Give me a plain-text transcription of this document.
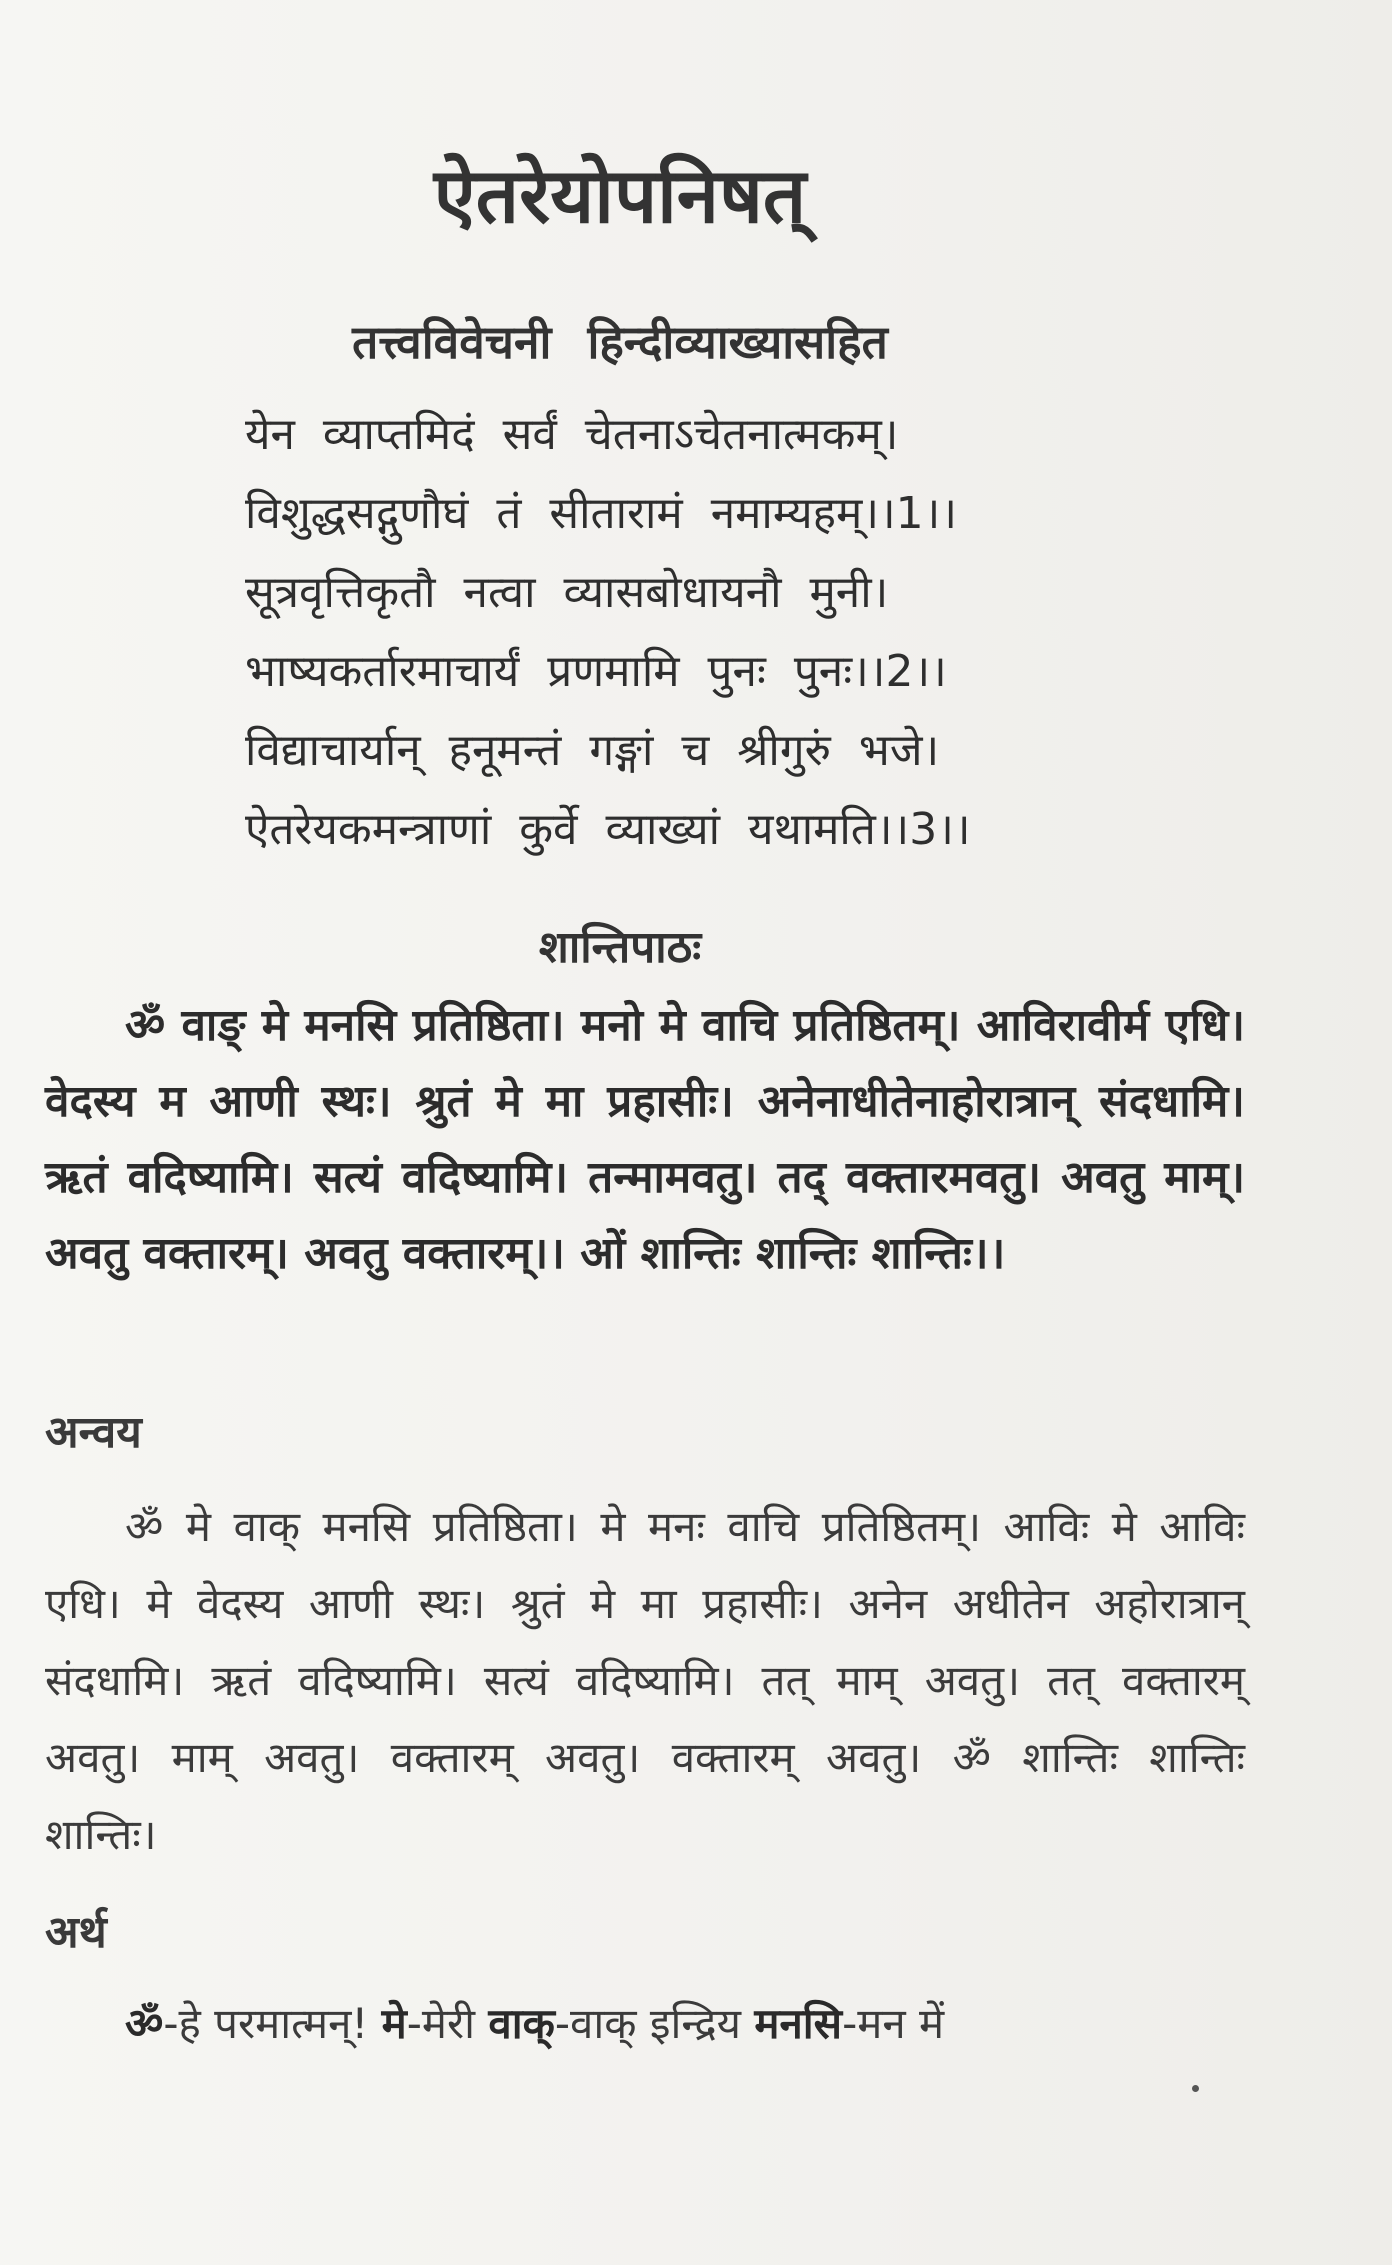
ऐतरेयोपनिषत्
तत्त्वविवेचनी हिन्दीव्याख्यासहित
येन व्याप्तमिदं सर्वं चेतनाऽचेतनात्मकम्।
विशुद्धसद्गुणौघं तं सीतारामं नमाम्यहम्।।1।।
सूत्रवृत्तिकृतौ नत्वा व्यासबोधायनौ मुनी।
भाष्यकर्तारमाचार्यं प्रणमामि पुनः पुनः।।2।।
विद्याचार्यान् हनूमन्तं गङ्गां च श्रीगुरुं भजे।
ऐतरेयकमन्त्राणां कुर्वे व्याख्यां यथामति।।3।।
शान्तिपाठः
ॐ वाङ् मे मनसि प्रतिष्ठिता। मनो मे वाचि प्रतिष्ठितम्। आविरावीर्म एधि। वेदस्य म आणी स्थः। श्रुतं मे मा प्रहासीः। अनेनाधीतेनाहोरात्रान् संदधामि। ऋतं वदिष्यामि। सत्यं वदिष्यामि। तन्मामवतु। तद् वक्तारमवतु। अवतु माम्। अवतु वक्तारम्। अवतु वक्तारम्।। ओं शान्तिः शान्तिः शान्तिः।।
अन्वय
ॐ मे वाक् मनसि प्रतिष्ठिता। मे मनः वाचि प्रतिष्ठितम्। आविः मे आविः एधि। मे वेदस्य आणी स्थः। श्रुतं मे मा प्रहासीः। अनेन अधीतेन अहोरात्रान् संदधामि। ऋतं वदिष्यामि। सत्यं वदिष्यामि। तत् माम् अवतु। तत् वक्तारम् अवतु। माम् अवतु। वक्तारम् अवतु। वक्तारम् अवतु। ॐ शान्तिः शान्तिः शान्तिः।
अर्थ
ॐ-हे परमात्मन्! मे-मेरी वाक्-वाक् इन्द्रिय मनसि-मन में
